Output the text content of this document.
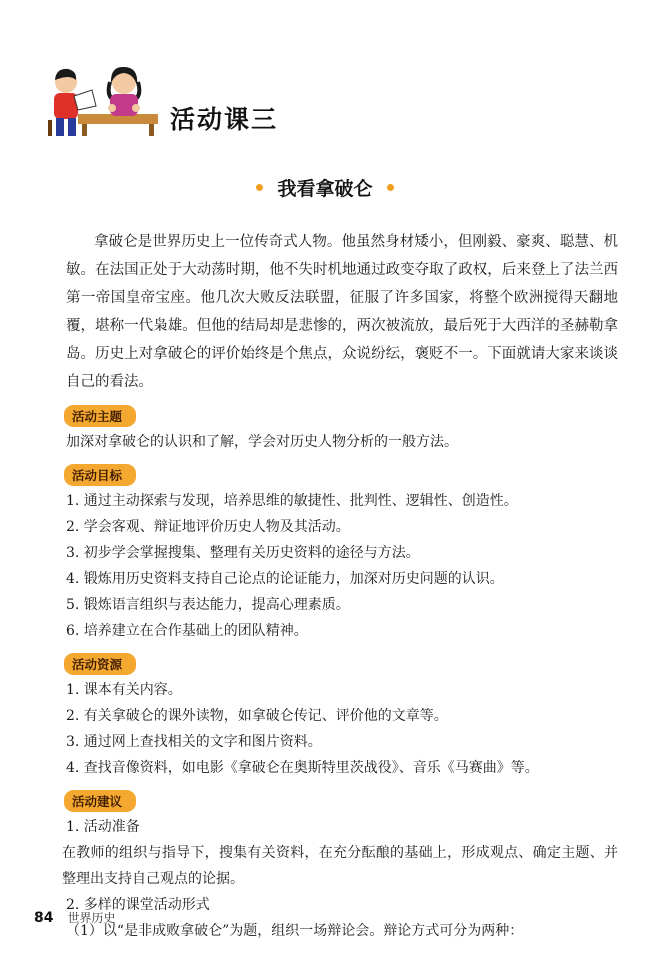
活动课三
我看拿破仑

拿破仑是世界历史上一位传奇式人物。他虽然身材矮小，但刚毅、豪爽、聪慧、机敏。在法国正处于大动荡时期，他不失时机地通过政变夺取了政权，后来登上了法兰西第一帝国皇帝宝座。他几次大败反法联盟，征服了许多国家，将整个欧洲搅得天翻地覆，堪称一代枭雄。但他的结局却是悲惨的，两次被流放，最后死于大西洋的圣赫勒拿岛。历史上对拿破仑的评价始终是个焦点，众说纷纭，褒贬不一。下面就请大家来谈谈自己的看法。

活动主题

加深对拿破仑的认识和了解，学会对历史人物分析的一般方法。

活动目标

1. 通过主动探索与发现，培养思维的敏捷性、批判性、逻辑性、创造性。

2. 学会客观、辩证地评价历史人物及其活动。

3. 初步学会掌握搜集、整理有关历史资料的途径与方法。

4. 锻炼用历史资料支持自己论点的论证能力，加深对历史问题的认识。

5. 锻炼语言组织与表达能力，提高心理素质。

6. 培养建立在合作基础上的团队精神。

活动资源

1. 课本有关内容。

2. 有关拿破仑的课外读物，如拿破仑传记、评价他的文章等。

3. 通过网上查找相关的文字和图片资料。

4. 查找音像资料，如电影《拿破仑在奥斯特里茨战役》、音乐《马赛曲》等。

活动建议

1. 活动准备

在教师的组织与指导下，搜集有关资料，在充分酝酿的基础上，形成观点、确定主题、并整理出支持自己观点的论据。

2. 多样的课堂活动形式

（1）以“是非成败拿破仑”为题，组织一场辩论会。辩论方式可分为两种：

84 世界历史
